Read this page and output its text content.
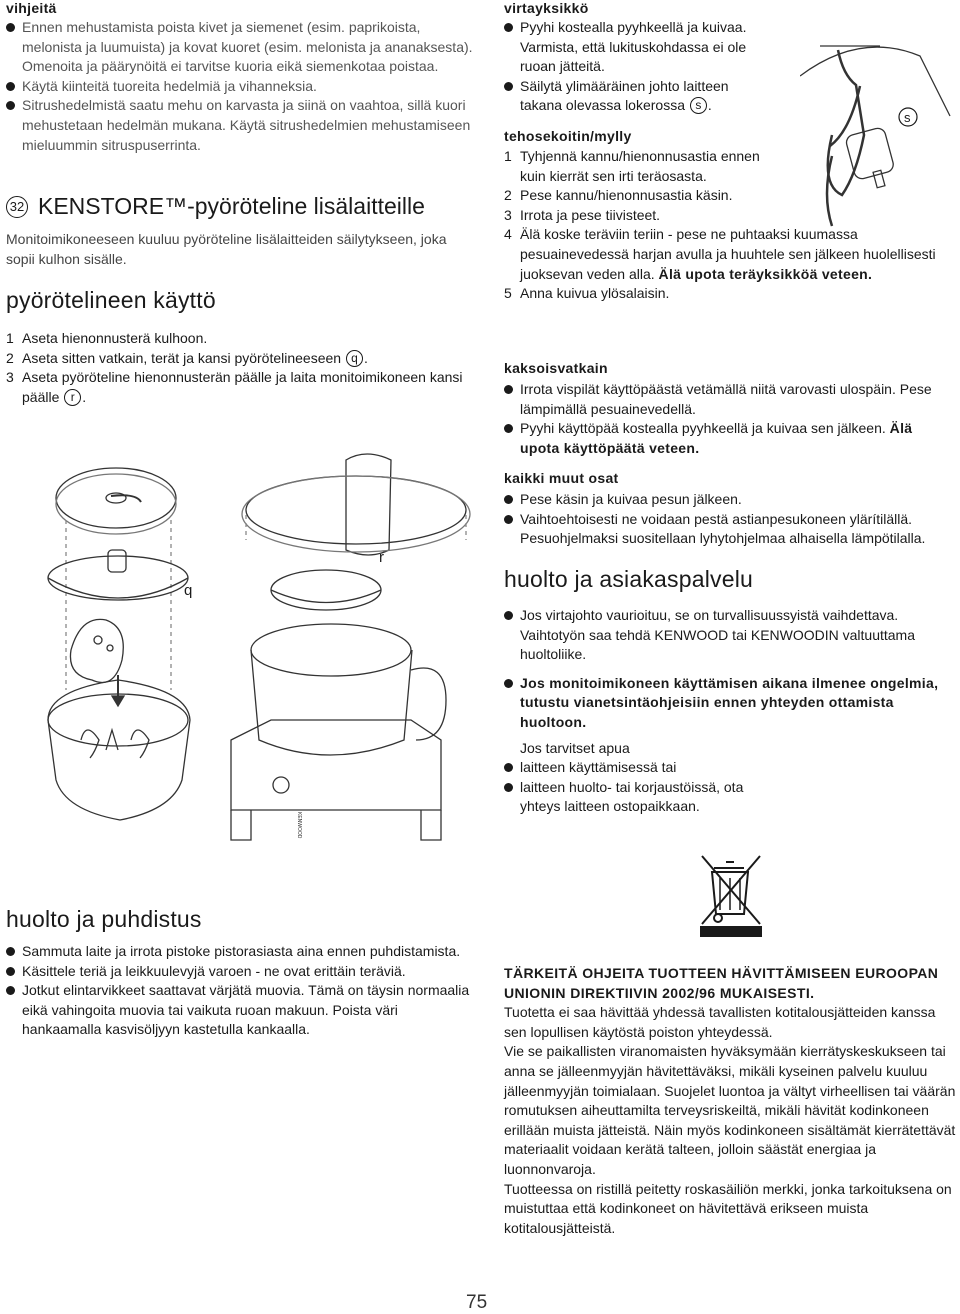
vihjeitä

Ennen mehustamista poista kivet ja siemenet (esim. paprikoista, melonista ja luumuista) ja kovat kuoret (esim. melonista ja ananaksesta). Omenoita ja päärynöitä ei tarvitse kuoria eikä siemenkotaa poistaa.
Käytä kiinteitä tuoreita hedelmiä ja vihanneksia.
Sitrushedelmistä saatu mehu on karvasta ja siinä on vaahtoa, sillä kuori mehustetaan hedelmän mukana. Käytä sitrushedelmien mehustamiseen mieluummin sitruspuserrinta.
32 KENSTORE™-pyöröteline lisälaitteille

Monitoimikoneeseen kuuluu pyöröteline lisälaitteiden säilytykseen, joka sopii kulhon sisälle.

pyörötelineen käyttö
1 Aseta hienonnusterä kulhoon.
2 Aseta sitten vatkain, terät ja kansi pyörötelineeseen q .
3 Aseta pyöröteline hienonnusterän päälle ja laita monitoimikoneen kansi päälle r .
q
r
KENWOOD
huolto ja puhdistus
Sammuta laite ja irrota pistoke pistorasiasta aina ennen puhdistamista.
Käsittele teriä ja leikkuulevyjä varoen - ne ovat erittäin teräviä.
Jotkut elintarvikkeet saattavat värjätä muovia. Tämä on täysin normaalia eikä vahingoita muovia tai vaikuta ruoan makuun. Poista väri hankaamalla kasvisöljyyn kastetulla kankaalla.

virtayksikkö

Pyyhi kostealla pyyhkeellä ja kuivaa. Varmista, että lukituskohdassa ei ole ruoan jätteitä.
Säilytä ylimääräinen johto laitteen takana olevassa lokerossa s .
s

tehosekoitin/mylly

1 Tyhjennä kannu/hienonnusastia ennen kuin kierrät sen irti teräosasta.
2 Pese kannu/hienonnusastia käsin.
3 Irrota ja pese tiivisteet.
4 Älä koske teräviin teriin - pese ne puhtaaksi kuumassa pesuainevedessä harjan avulla ja huuhtele sen jälkeen huolellisesti juoksevan veden alla. Älä upota teräyksikköä veteen.
5 Anna kuivua ylösalaisin.

kaksoisvatkain

Irrota vispilät käyttöpäästä vetämällä niitä varovasti ulospäin. Pese lämpimällä pesuainevedellä.
Pyyhi käyttöpää kostealla pyyhkeellä ja kuivaa sen jälkeen. Älä upota käyttöpäätä veteen.

kaikki muut osat

Pese käsin ja kuivaa pesun jälkeen.
Vaihtoehtoisesti ne voidaan pestä astianpesukoneen ylärítilällä. Pesuohjelmaksi suositellaan lyhytohjelmaa alhaisella lämpötilalla.
huolto ja asiakaspalvelu
Jos virtajohto vaurioituu, se on turvallisuussyistä vaihdettava. Vaihtotyön saa tehdä KENWOOD tai KENWOODIN valtuuttama huoltoliike.
Jos monitoimikoneen käyttämisen aikana ilmenee ongelmia, tutustu vianetsintäohjeisiin ennen yhteyden ottamista huoltoon.

Jos tarvitset apua

laitteen käyttämisessä tai
laitteen huolto- tai korjaustöissä, ota yhteys laitteen ostopaikkaan.

TÄRKEITÄ OHJEITA TUOTTEEN HÄVITTÄMISEEN EUROOPAN UNIONIN DIREKTIIVIN 2002/96 MUKAISESTI.

Tuotetta ei saa hävittää yhdessä tavallisten kotitalousjätteiden kanssa sen lopullisen käytöstä poiston yhteydessä.

Vie se paikallisten viranomaisten hyväksymään kierrätyskeskukseen tai anna se jälleenmyyjän hävitettäväksi, mikäli kyseinen palvelu kuuluu jälleenmyyjän toimialaan. Suojelet luontoa ja vältyt virheellisen tai väärän romutuksen aiheuttamilta terveysriskeiltä, mikäli hävität kodinkoneen erillään muista jätteistä. Näin myös kodinkoneen sisältämät kierrätettävät materiaalit voidaan kerätä talteen, jolloin säästät energiaa ja luonnonvaroja.

Tuotteessa on ristillä peitetty roskasäiliön merkki, jonka tarkoituksena on muistuttaa että kodinkoneet on hävitettävä erikseen muista kotitalousjätteistä.

75
